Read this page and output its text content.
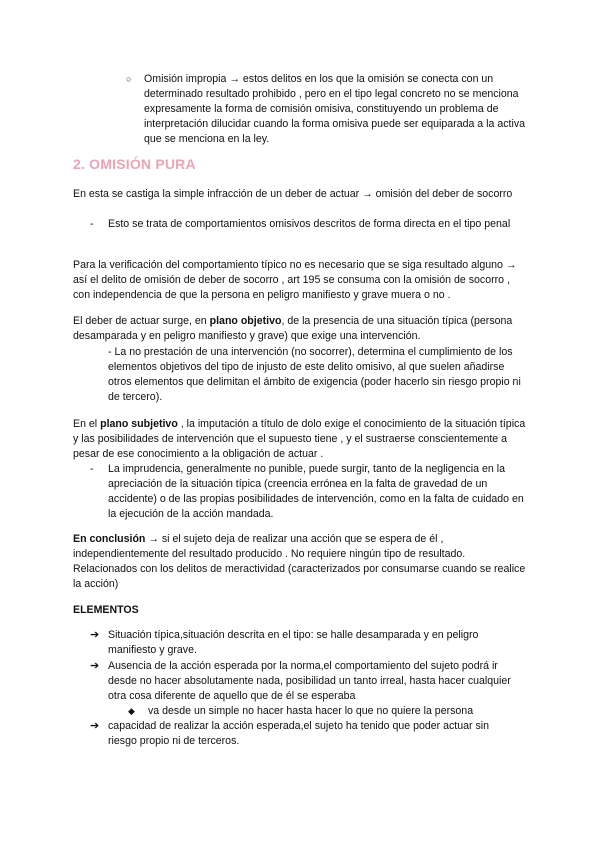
○ Omisión impropia → estos delitos en los que la omisión se conecta con un determinado resultado prohibido , pero en el tipo legal concreto no se menciona expresamente la forma de comisión omisiva, constituyendo un problema de interpretación dilucidar cuando la forma omisiva puede ser equiparada a la activa que se menciona en la ley.
2. OMISIÓN PURA

En esta se castiga la simple infracción de un deber de actuar → omisión del deber de socorro

- Esto se trata de comportamientos omisivos descritos de forma directa en el tipo penal

Para la verificación del comportamiento típico no es necesario que se siga resultado alguno → así el delito de omisión de deber de socorro , art 195 se consuma con la omisión de socorro , con independencia de que la persona en peligro manifiesto y grave muera o no .

El deber de actuar surge, en plano objetivo, de la presencia de una situación típica (persona desamparada y en peligro manifiesto y grave) que exige una intervención.

- La no prestación de una intervención (no socorrer), determina el cumplimiento de los elementos objetivos del tipo de injusto de este delito omisivo, al que suelen añadirse otros elementos que delimitan el ámbito de exigencia (poder hacerlo sin riesgo propio ni de tercero).

En el plano subjetivo , la imputación a título de dolo exige el conocimiento de la situación típica y las posibilidades de intervención que el supuesto tiene , y el sustraerse conscientemente a pesar de ese conocimiento a la obligación de actuar .

- La imprudencia, generalmente no punible, puede surgir, tanto de la negligencia en la apreciación de la situación típica (creencia errónea en la falta de gravedad de un accidente) o de las propias posibilidades de intervención, como en la falta de cuidado en la ejecución de la acción mandada.

En conclusión → si el sujeto deja de realizar una acción que se espera de él , independientemente del resultado producido . No requiere ningún tipo de resultado. Relacionados con los delitos de meractividad (caracterizados por consumarse cuando se realice la acción)

ELEMENTOS
➔ Situación típica,situación descrita en el tipo: se halle desamparada y en peligro manifiesto y grave.
➔ Ausencia de la acción esperada por la norma,el comportamiento del sujeto podrá ir desde no hacer absolutamente nada, posibilidad un tanto irreal, hasta hacer cualquier otra cosa diferente de aquello que de él se esperaba
◆ va desde un simple no hacer hasta hacer lo que no quiere la persona
➔ capacidad de realizar la acción esperada,el sujeto ha tenido que poder actuar sin riesgo propio ni de terceros.
